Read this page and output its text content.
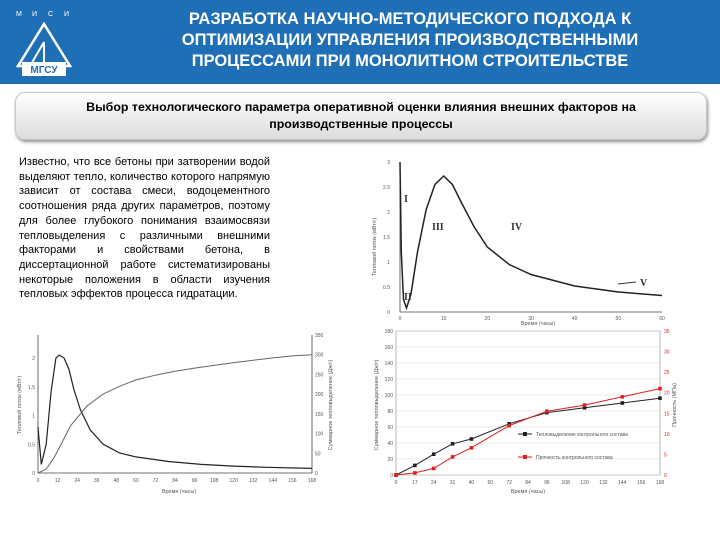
М И С И
МГСУ
РАЗРАБОТКА НАУЧНО-МЕТОДИЧЕСКОГО ПОДХОДА К
ОПТИМИЗАЦИИ УПРАВЛЕНИЯ ПРОИЗВОДСТВЕННЫМИ
ПРОЦЕССАМИ ПРИ МОНОЛИТНОМ СТРОИТЕЛЬСТВЕ
Выбор технологического параметра оперативной оценки влияния внешних факторов на производственные процессы
Известно, что все бетоны при затворении водой выделяют тепло, количество которого напрямую зависит от состава смеси, водоцементного соотношения ряда других параметров, поэтому для более глубокого понимания взаимосвязи тепловыделения с различными внешними факторами и свойствами бетона, в диссертационной работе систематизированы некоторые положения в области изучения тепловых эффектов процесса гидратации.
Тепловой поток (мВт/г)
Время (часы)
0	10	20	30	40	50	60
0
0.5
1
1.5
2
2.5
3
I
II
III	IV
V
Тепловой поток (мВт/г)	Суммарное тепловыделение (Дж/г)
Время (часы)
0	12	24	36	48	60	72	84	96	108 120 132 144 156 168
0
0.5
1
1.5
2
0
50
100
150
200
250
300
350
Суммарное тепловыделение (Дж/г)	Прочность (МПа)
Время (часы)
0	17	24	31	40	50	72	84	96 108 120 132 144 156 168
0
20
40
60
80
100
120
140
160
180
0
5
10
15
20
25
30
35
Тепловыделение контрольного состава
Прочность контрольного состава
